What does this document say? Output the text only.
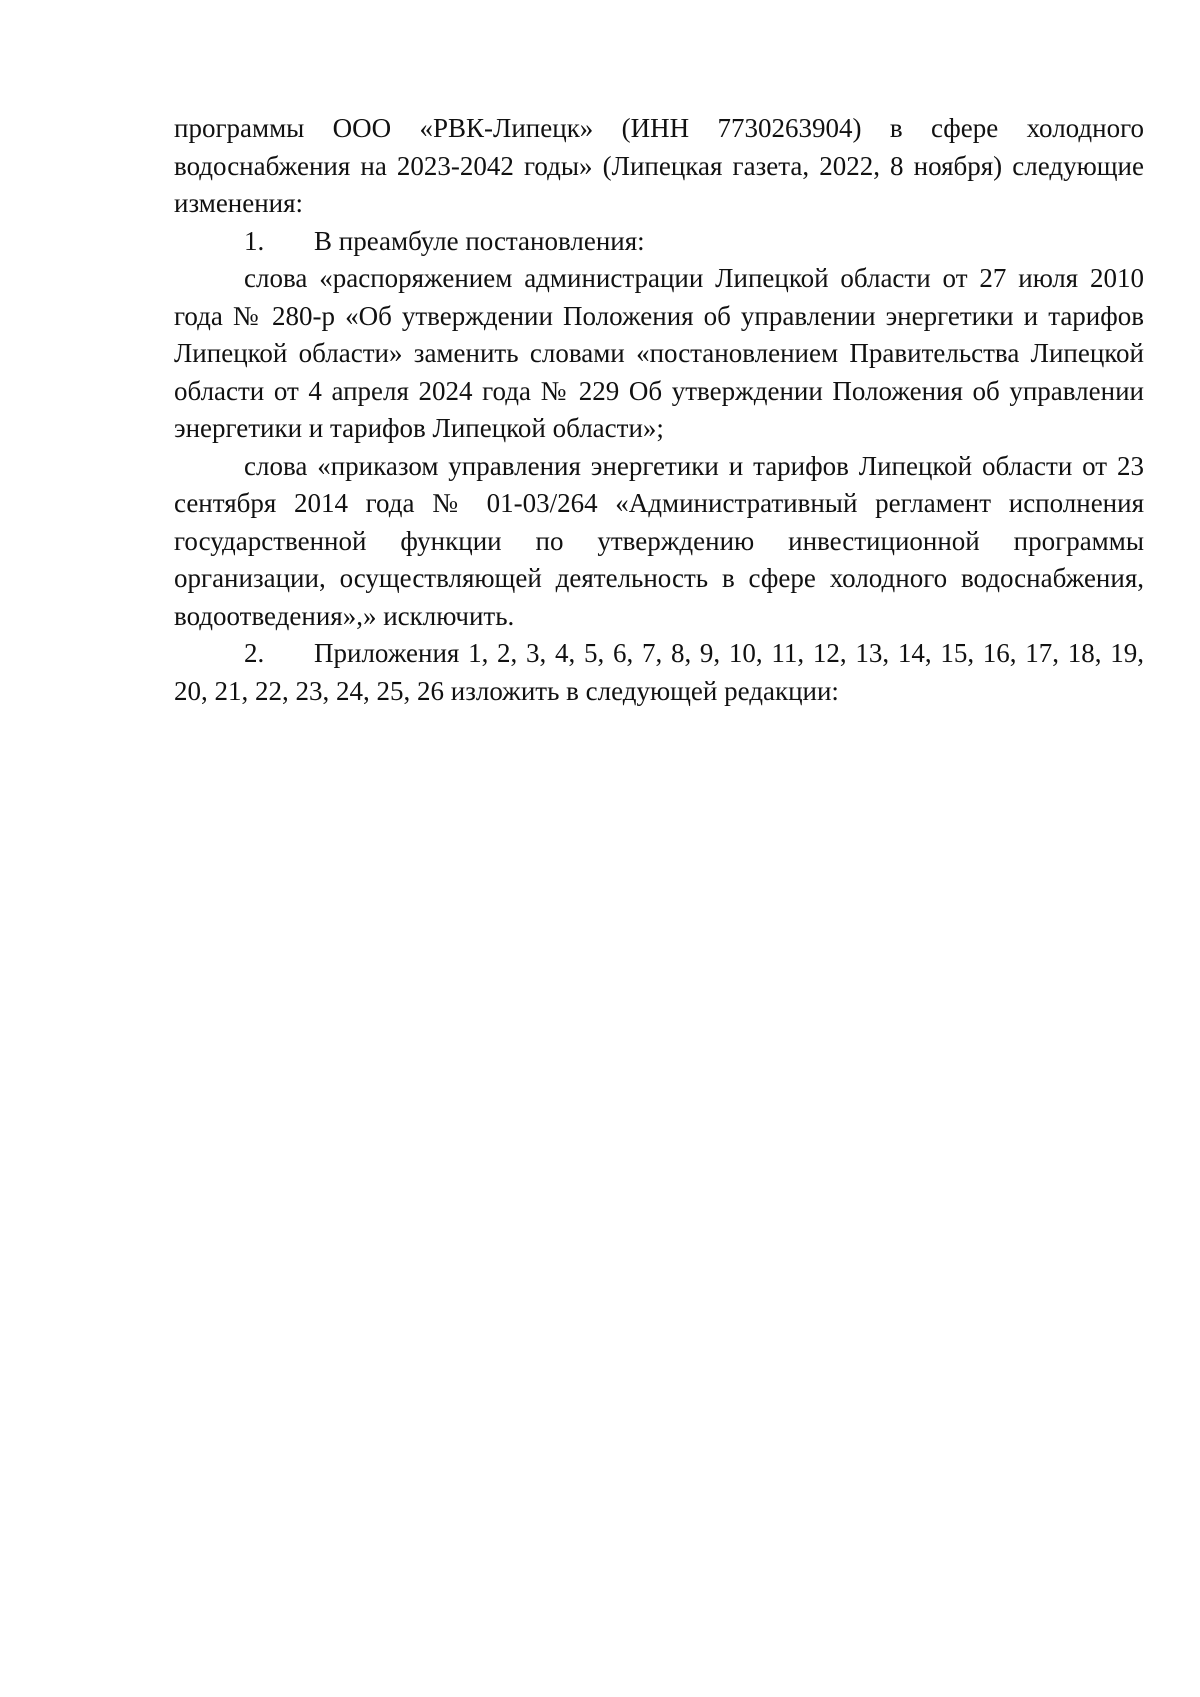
программы ООО «РВК-Липецк» (ИНН 7730263904) в сфере холодного водоснабжения на 2023-2042 годы» (Липецкая газета, 2022, 8 ноября) следующие изменения:

1.	В преамбуле постановления:

слова «распоряжением администрации Липецкой области от 27 июля 2010 года № 280-р «Об утверждении Положения об управлении энергетики и тарифов Липецкой области» заменить словами «постановлением Правительства Липецкой области от 4 апреля 2024 года № 229 Об утверждении Положения об управлении энергетики и тарифов Липецкой области»;

слова «приказом управления энергетики и тарифов Липецкой области от 23 сентября 2014 года № 01-03/264 «Административный регламент исполнения государственной функции по утверждению инвестиционной программы организации, осуществляющей деятельность в сфере холодного водоснабжения, водоотведения»,» исключить.

2. Приложения 1, 2, 3, 4, 5, 6, 7, 8, 9, 10, 11, 12, 13, 14, 15, 16, 17, 18, 19, 20, 21, 22, 23, 24, 25, 26 изложить в следующей редакции:
